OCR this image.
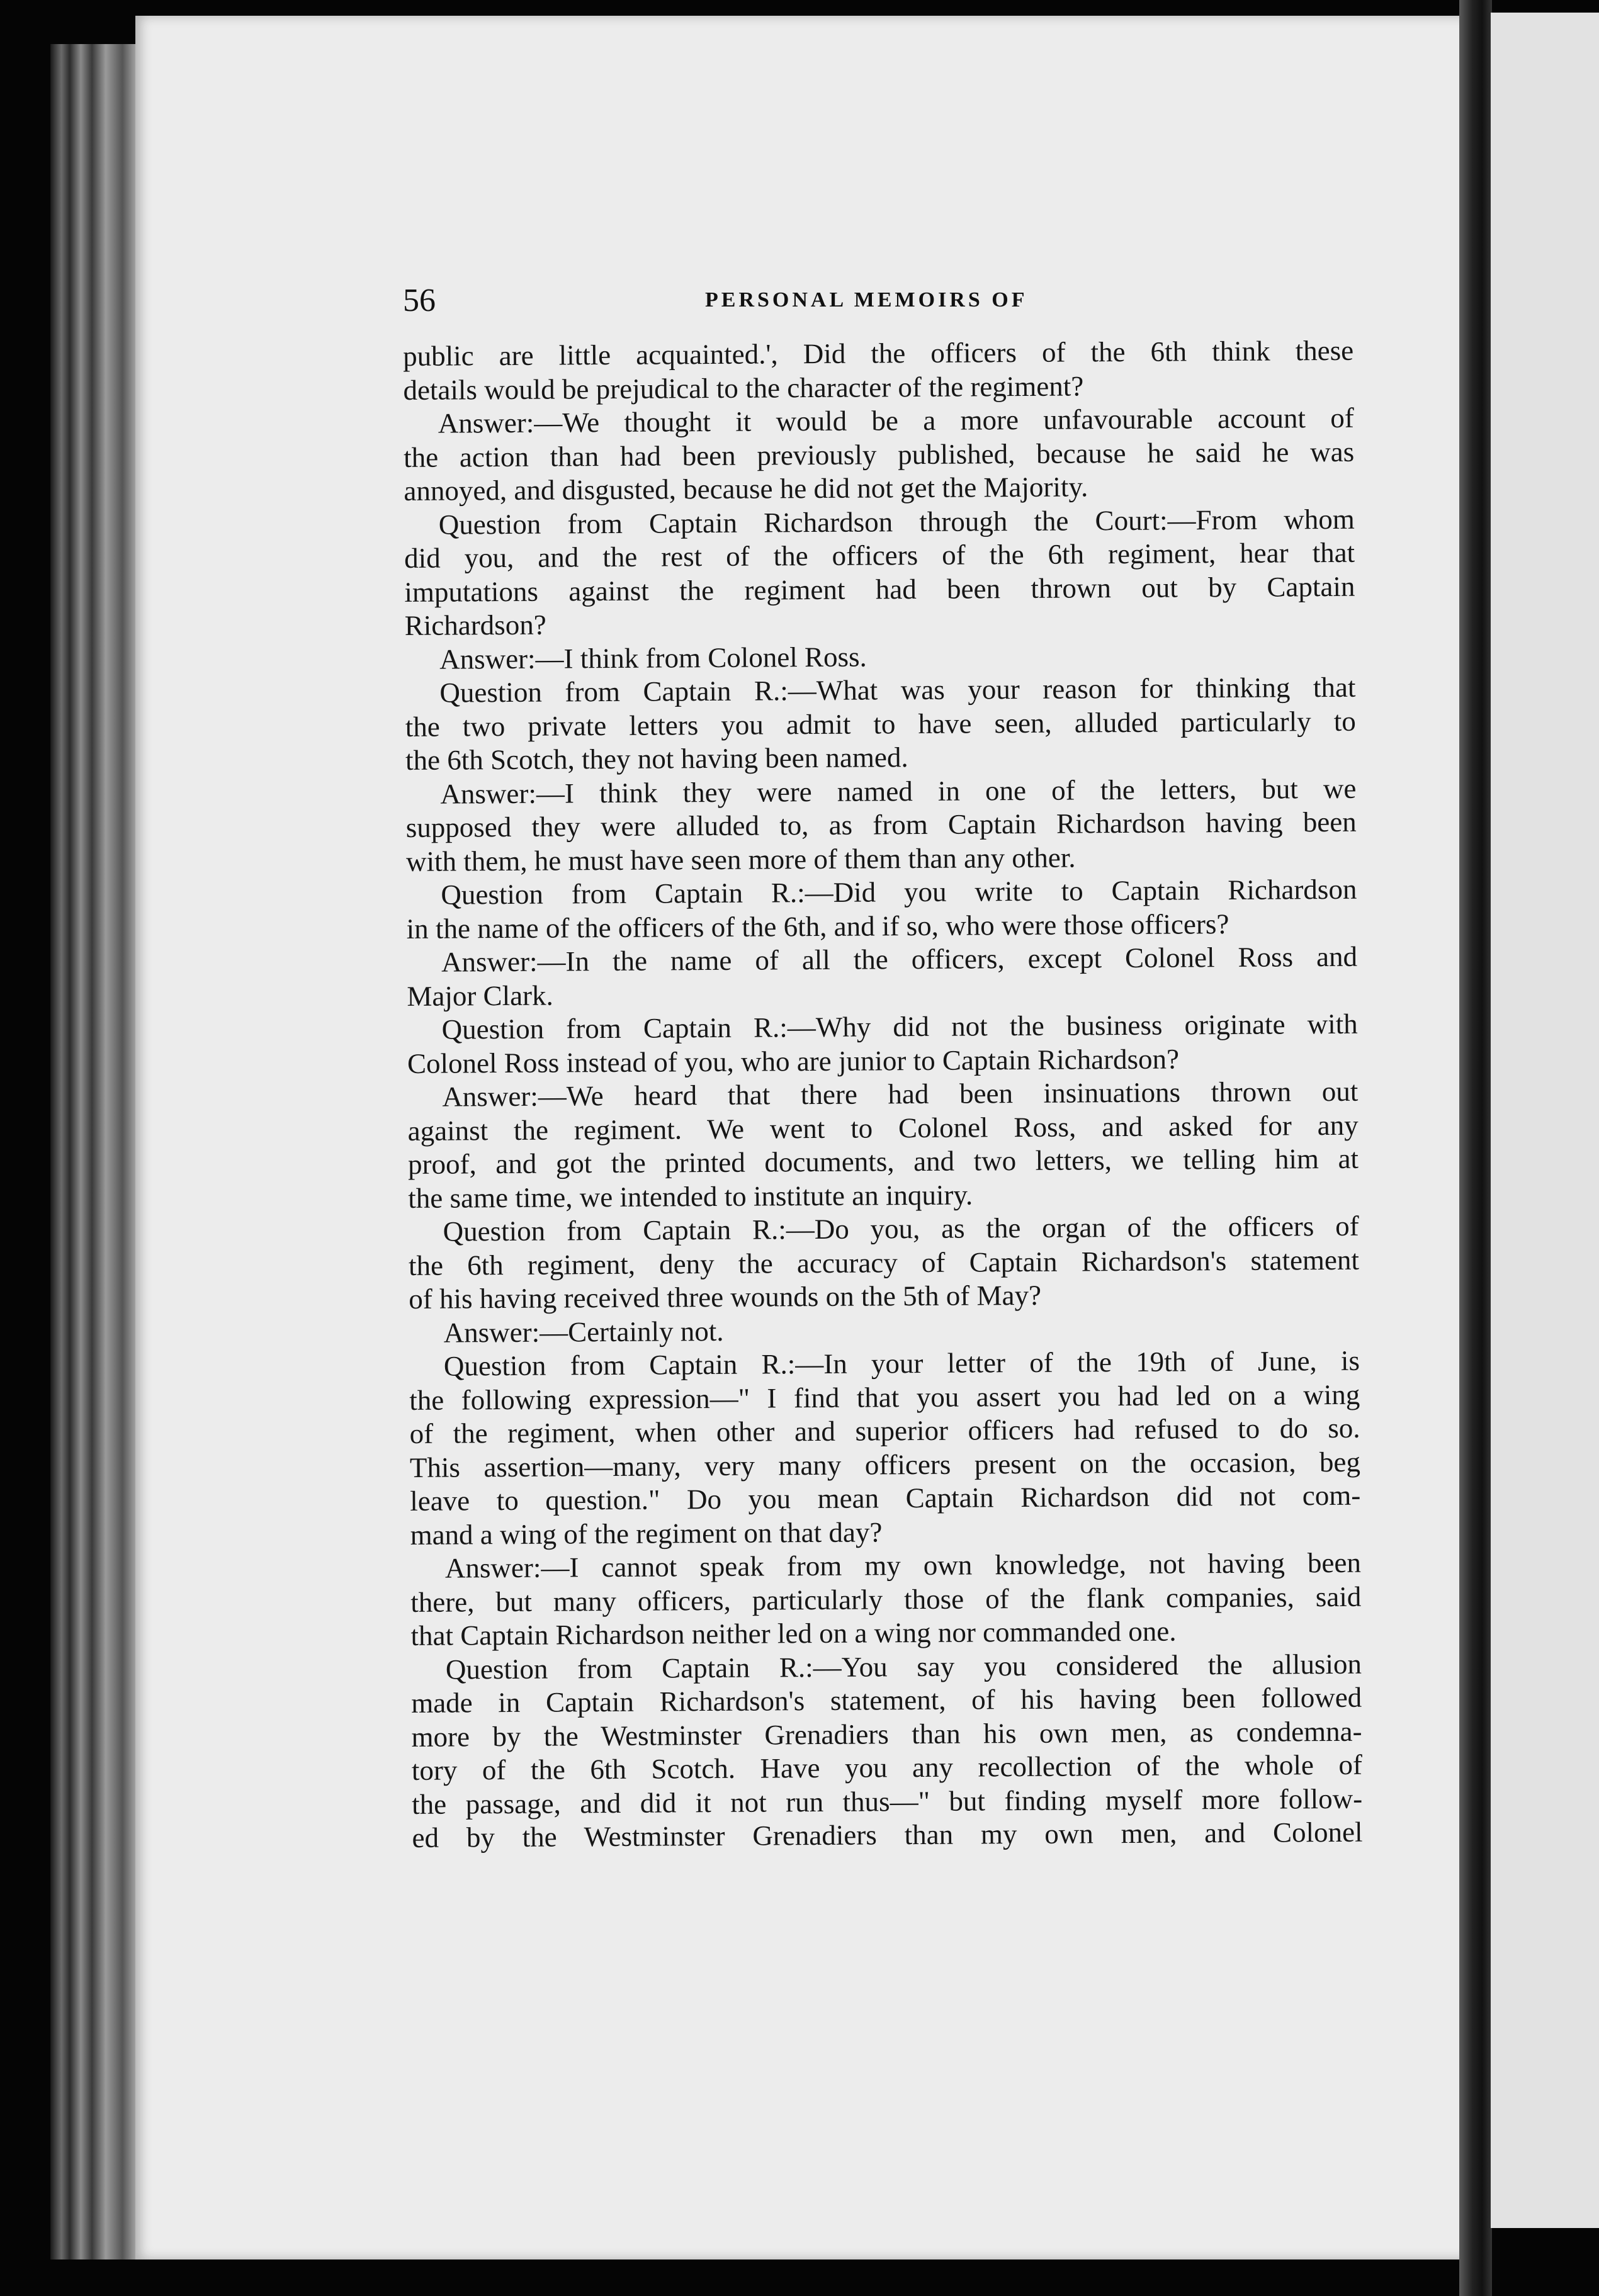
56	PERSONAL MEMOIRS OF
public are little acquainted.', Did the officers of the 6th think these
details would be prejudical to the character of the regiment?
Answer:—We thought it would be a more unfavourable account of
the action than had been previously published, because he said he was
annoyed, and disgusted, because he did not get the Majority.
Question from Captain Richardson through the Court:—From whom
did you, and the rest of the officers of the 6th regiment, hear that
imputations against the regiment had been thrown out by Captain
Richardson?
Answer:—I think from Colonel Ross.
Question from Captain R.:—What was your reason for thinking that
the two private letters you admit to have seen, alluded particularly to
the 6th Scotch, they not having been named.
Answer:—I think they were named in one of the letters, but we
supposed they were alluded to, as from Captain Richardson having been
with them, he must have seen more of them than any other.
Question from Captain R.:—Did you write to Captain Richardson
in the name of the officers of the 6th, and if so, who were those officers?
Answer:—In the name of all the officers, except Colonel Ross and
Major Clark.
Question from Captain R.:—Why did not the business originate with
Colonel Ross instead of you, who are junior to Captain Richardson?
Answer:—We heard that there had been insinuations thrown out
against the regiment. We went to Colonel Ross, and asked for any
proof, and got the printed documents, and two letters, we telling him at
the same time, we intended to institute an inquiry.
Question from Captain R.:—Do you, as the organ of the officers of
the 6th regiment, deny the accuracy of Captain Richardson's statement
of his having received three wounds on the 5th of May?
Answer:—Certainly not.
Question from Captain R.:—In your letter of the 19th of June, is
the following expression—" I find that you assert you had led on a wing
of the regiment, when other and superior officers had refused to do so.
This assertion—many, very many officers present on the occasion, beg
leave to question." Do you mean Captain Richardson did not com-
mand a wing of the regiment on that day?
Answer:—I cannot speak from my own knowledge, not having been
there, but many officers, particularly those of the flank companies, said
that Captain Richardson neither led on a wing nor commanded one.
Question from Captain R.:—You say you considered the allusion
made in Captain Richardson's statement, of his having been followed
more by the Westminster Grenadiers than his own men, as condemna-
tory of the 6th Scotch. Have you any recollection of the whole of
the passage, and did it not run thus—" but finding myself more follow-
ed by the Westminster Grenadiers than my own men, and Colonel
